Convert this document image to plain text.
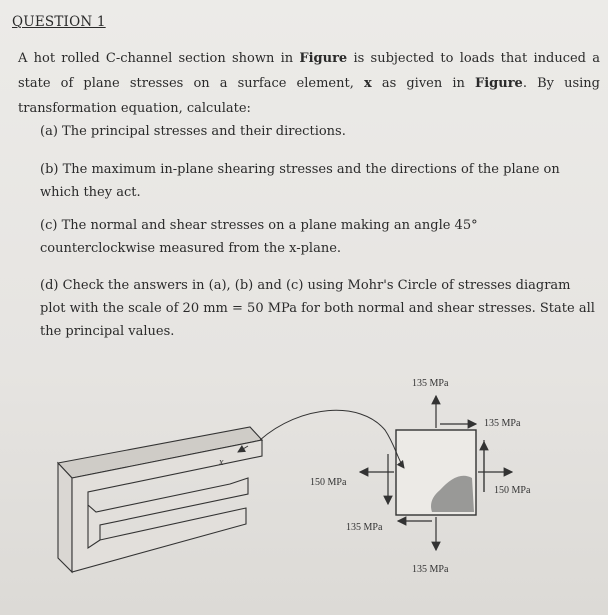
QUESTION 1
A hot rolled C-channel section shown in Figure is subjected to loads that induced a state of plane stresses on a surface element, x as given in Figure. By using transformation equation, calculate:
(a) The principal stresses and their directions.
(b) The maximum in-plane shearing stresses and the directions of the plane on which they act.
(c) The normal and shear stresses on a plane making an angle 45° counterclockwise measured from the x-plane.
(d) Check the answers in (a), (b) and (c) using Mohr's Circle of stresses diagram plot with the scale of 20 mm = 50 MPa for both normal and shear stresses. State all the principal values.
135 MPa
135 MPa
150 MPa
150 MPa
135 MPa
135 MPa
x
